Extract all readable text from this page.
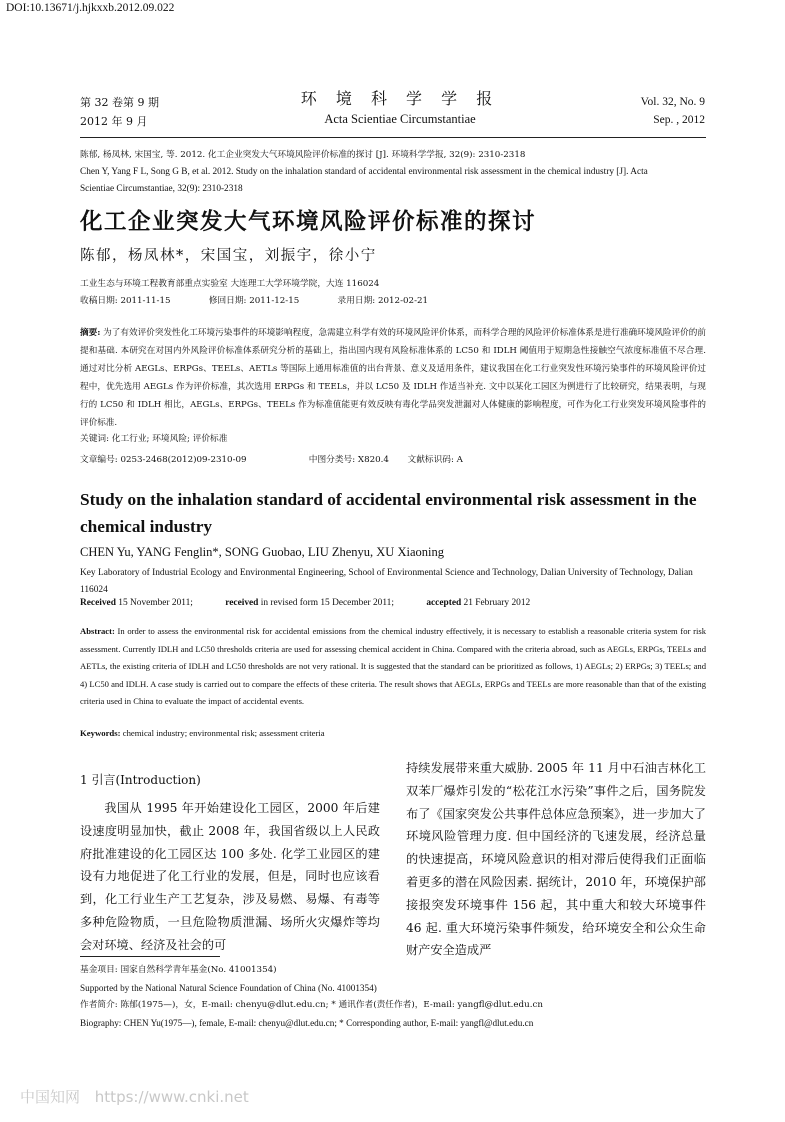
DOI:10.13671/j.hjkxxb.2012.09.022
第 32 卷第 9 期
2012 年 9 月
环 境 科 学 学 报
Acta Scientiae Circumstantiae
Vol. 32, No. 9
Sep. , 2012

陈郁, 杨凤林, 宋国宝, 等. 2012. 化工企业突发大气环境风险评价标准的探讨 [J]. 环境科学学报, 32(9): 2310-2318

Chen Y, Yang F L, Song G B, et al. 2012. Study on the inhalation standard of accidental environmental risk assessment in the chemical industry [J]. Acta

Scientiae Circumstantiae, 32(9): 2310-2318

化工企业突发大气环境风险评价标准的探讨
陈郁，杨凤林*，宋国宝，刘振宇，徐小宁
工业生态与环境工程教育部重点实验室 大连理工大学环境学院，大连 116024
收稿日期: 2011-11-15	修回日期: 2011-12-15	录用日期: 2012-02-21
摘要: 为了有效评价突发性化工环境污染事件的环境影响程度，急需建立科学有效的环境风险评价体系，而科学合理的风险评价标准体系是进行准确环境风险评价的前提和基础. 本研究在对国内外风险评价标准体系研究分析的基础上，指出国内现有风险标准体系的 LC50 和 IDLH 阈值用于短期急性接触空气浓度标准值不尽合理. 通过对比分析 AEGLs、ERPGs、TEELs、AETLs 等国际上通用标准值的出台背景、意义及适用条件，建议我国在化工行业突发性环境污染事件的环境风险评价过程中，优先选用 AEGLs 作为评价标准，其次选用 ERPGs 和 TEELs，并以 LC50 及 IDLH 作适当补充. 文中以某化工园区为例进行了比较研究，结果表明，与现行的 LC50 和 IDLH 相比，AEGLs、ERPGs、TEELs 作为标准值能更有效反映有毒化学品突发泄漏对人体健康的影响程度，可作为化工行业突发环境风险事件的评价标准.
关键词: 化工行业; 环境风险; 评价标准
文章编号: 0253-2468(2012)09-2310-09	中图分类号: X820.4 文献标识码: A
Study on the inhalation standard of accidental environmental risk assessment in the chemical industry
CHEN Yu, YANG Fenglin*, SONG Guobao, LIU Zhenyu, XU Xiaoning
Key Laboratory of Industrial Ecology and Environmental Engineering, School of Environmental Science and Technology, Dalian University of Technology, Dalian 116024
Received 15 November 2011;	received in revised form 15 December 2011;	accepted 21 February 2012
Abstract: In order to assess the environmental risk for accidental emissions from the chemical industry effectively, it is necessary to establish a reasonable criteria system for risk assessment. Currently IDLH and LC50 thresholds criteria are used for assessing chemical accident in China. Compared with the criteria abroad, such as AEGLs, ERPGs, TEELs and AETLs, the existing criteria of IDLH and LC50 thresholds are not very rational. It is suggested that the standard can be prioritized as follows, 1) AEGLs; 2) ERPGs; 3) TEELs; and 4) LC50 and IDLH. A case study is carried out to compare the effects of these criteria. The result shows that AEGLs, ERPGs and TEELs are more reasonable than that of the existing criteria used in China to evaluate the impact of accidental events.
Keywords: chemical industry; environmental risk; assessment criteria
1 引言(Introduction)

我国从 1995 年开始建设化工园区，2000 年后建设速度明显加快，截止 2008 年，我国省级以上人民政府批准建设的化工园区达 100 多处. 化学工业园区的建设有力地促进了化工行业的发展，但是，同时也应该看到，化工行业生产工艺复杂，涉及易燃、易爆、有毒等多种危险物质，一旦危险物质泄漏、场所火灾爆炸等均会对环境、经济及社会的可

持续发展带来重大威胁. 2005 年 11 月中石油吉林化工双苯厂爆炸引发的“松花江水污染”事件之后，国务院发布了《国家突发公共事件总体应急预案》，进一步加大了环境风险管理力度. 但中国经济的飞速发展，经济总量的快速提高，环境风险意识的相对滞后使得我们正面临着更多的潜在风险因素. 据统计，2010 年，环境保护部接报突发环境事件 156 起，其中重大和较大环境事件 46 起. 重大环境污染事件频发，给环境安全和公众生命财产安全造成严

基金项目: 国家自然科学青年基金(No. 41001354)

Supported by the National Natural Science Foundation of China (No. 41001354)

作者简介: 陈郁(1975—)，女，E-mail: chenyu@dlut.edu.cn; * 通讯作者(责任作者)，E-mail: yangfl@dlut.edu.cn

Biography: CHEN Yu(1975—), female, E-mail: chenyu@dlut.edu.cn; * Corresponding author, E-mail: yangfl@dlut.edu.cn

中国知网 https://www.cnki.net
